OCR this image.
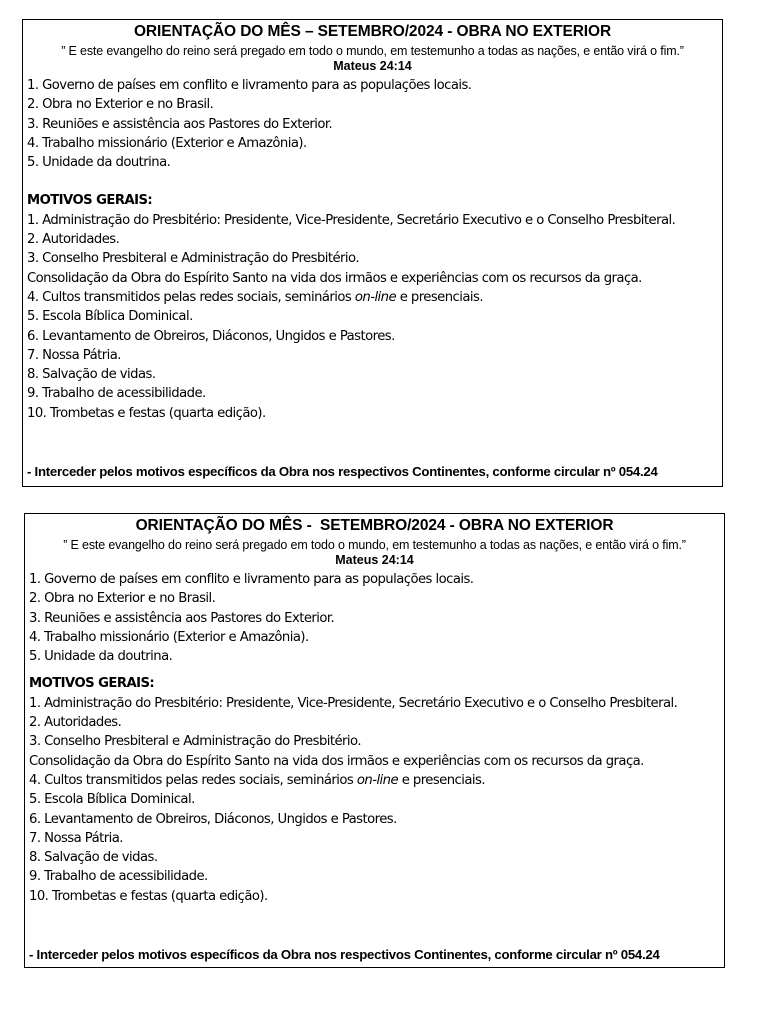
ORIENTAÇÃO DO MÊS – SETEMBRO/2024 - OBRA NO EXTERIOR
” E este evangelho do reino será pregado em todo o mundo, em testemunho a todas as nações, e então virá o fim.”
Mateus 24:14
1. Governo de países em conflito e livramento para as populações locais.
2. Obra no Exterior e no Brasil.
3. Reuniões e assistência aos Pastores do Exterior.
4. Trabalho missionário (Exterior e Amazônia).
5. Unidade da doutrina.
MOTIVOS GERAIS:
1. Administração do Presbitério: Presidente, Vice-Presidente, Secretário Executivo e o Conselho Presbiteral.
2. Autoridades.
3. Conselho Presbiteral e Administração do Presbitério.
Consolidação da Obra do Espírito Santo na vida dos irmãos e experiências com os recursos da graça.
4. Cultos transmitidos pelas redes sociais, seminários on-line e presenciais.
5. Escola Bíblica Dominical.
6. Levantamento de Obreiros, Diáconos, Ungidos e Pastores.
7. Nossa Pátria.
8. Salvação de vidas.
9. Trabalho de acessibilidade.
10. Trombetas e festas (quarta edição).
- Interceder pelos motivos específicos da Obra nos respectivos Continentes, conforme circular nº 054.24
ORIENTAÇÃO DO MÊS -  SETEMBRO/2024 - OBRA NO EXTERIOR
” E este evangelho do reino será pregado em todo o mundo, em testemunho a todas as nações, e então virá o fim.”
Mateus 24:14
1. Governo de países em conflito e livramento para as populações locais.
2. Obra no Exterior e no Brasil.
3. Reuniões e assistência aos Pastores do Exterior.
4. Trabalho missionário (Exterior e Amazônia).
5. Unidade da doutrina.
MOTIVOS GERAIS:
1. Administração do Presbitério: Presidente, Vice-Presidente, Secretário Executivo e o Conselho Presbiteral.
2. Autoridades.
3. Conselho Presbiteral e Administração do Presbitério.
Consolidação da Obra do Espírito Santo na vida dos irmãos e experiências com os recursos da graça.
4. Cultos transmitidos pelas redes sociais, seminários on-line e presenciais.
5. Escola Bíblica Dominical.
6. Levantamento de Obreiros, Diáconos, Ungidos e Pastores.
7. Nossa Pátria.
8. Salvação de vidas.
9. Trabalho de acessibilidade.
10. Trombetas e festas (quarta edição).
- Interceder pelos motivos específicos da Obra nos respectivos Continentes, conforme circular nº 054.24
